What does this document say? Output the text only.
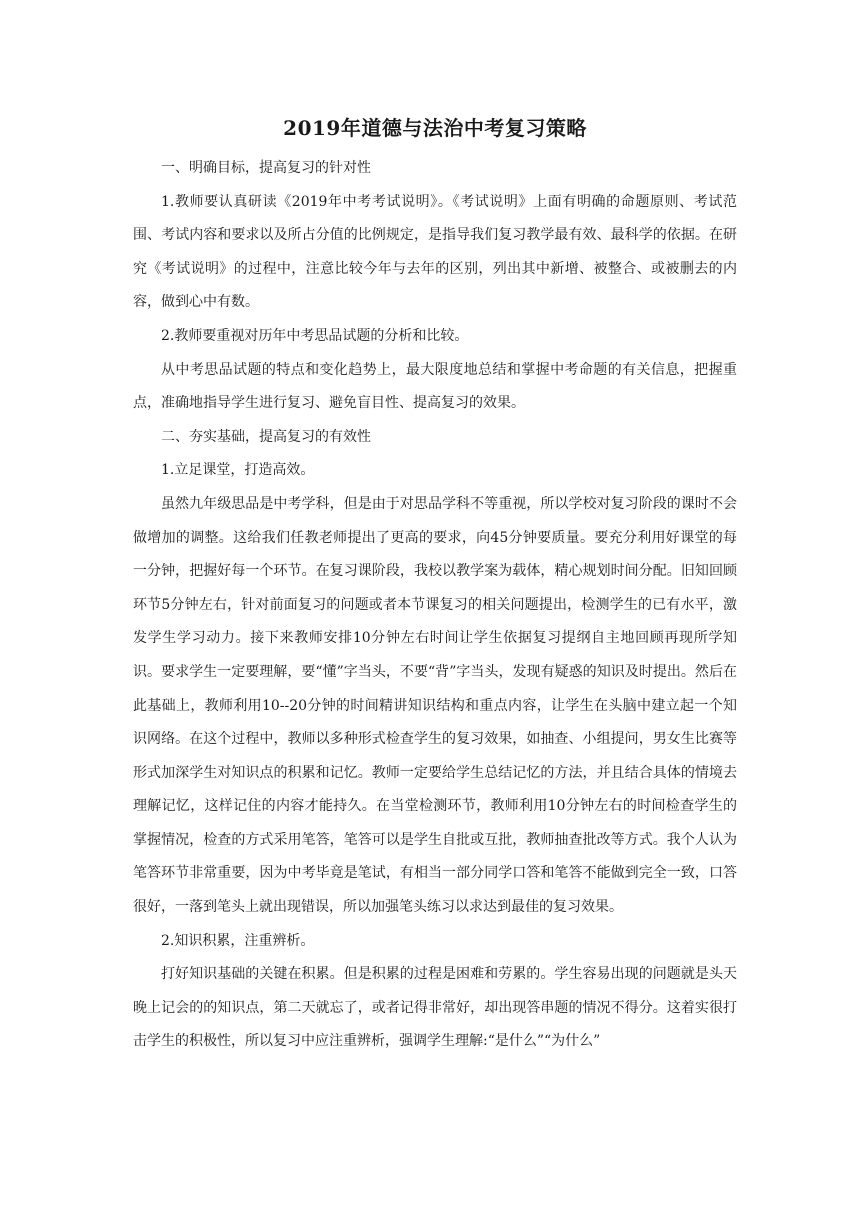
2019年道德与法治中考复习策略

一、明确目标，提高复习的针对性

1.教师要认真研读《2019年中考考试说明》。《考试说明》上面有明确的命题原则、考试范围、考试内容和要求以及所占分值的比例规定，是指导我们复习教学最有效、最科学的依据。在研究《考试说明》的过程中，注意比较今年与去年的区别，列出其中新增、被整合、或被删去的内容，做到心中有数。

2.教师要重视对历年中考思品试题的分析和比较。

从中考思品试题的特点和变化趋势上，最大限度地总结和掌握中考命题的有关信息，把握重点，准确地指导学生进行复习、避免盲目性、提高复习的效果。

二、夯实基础，提高复习的有效性

1.立足课堂，打造高效。

虽然九年级思品是中考学科，但是由于对思品学科不等重视，所以学校对复习阶段的课时不会做增加的调整。这给我们任教老师提出了更高的要求，向45分钟要质量。要充分利用好课堂的每一分钟，把握好每一个环节。在复习课阶段，我校以教学案为载体，精心规划时间分配。旧知回顾环节5分钟左右，针对前面复习的问题或者本节课复习的相关问题提出，检测学生的已有水平，激发学生学习动力。接下来教师安排10分钟左右时间让学生依据复习提纲自主地回顾再现所学知识。要求学生一定要理解，要“懂”字当头，不要“背”字当头，发现有疑惑的知识及时提出。然后在此基础上，教师利用10--20分钟的时间精讲知识结构和重点内容，让学生在头脑中建立起一个知识网络。在这个过程中，教师以多种形式检查学生的复习效果，如抽查、小组提问，男女生比赛等形式加深学生对知识点的积累和记忆。教师一定要给学生总结记忆的方法，并且结合具体的情境去理解记忆，这样记住的内容才能持久。在当堂检测环节，教师利用10分钟左右的时间检查学生的掌握情况，检查的方式采用笔答，笔答可以是学生自批或互批，教师抽查批改等方式。我个人认为笔答环节非常重要，因为中考毕竟是笔试，有相当一部分同学口答和笔答不能做到完全一致，口答很好，一落到笔头上就出现错误，所以加强笔头练习以求达到最佳的复习效果。

2.知识积累，注重辨析。

打好知识基础的关键在积累。但是积累的过程是困难和劳累的。学生容易出现的问题就是头天晚上记会的的知识点，第二天就忘了，或者记得非常好，却出现答串题的情况不得分。这着实很打击学生的积极性，所以复习中应注重辨析，强调学生理解:“是什么”“为什么”
